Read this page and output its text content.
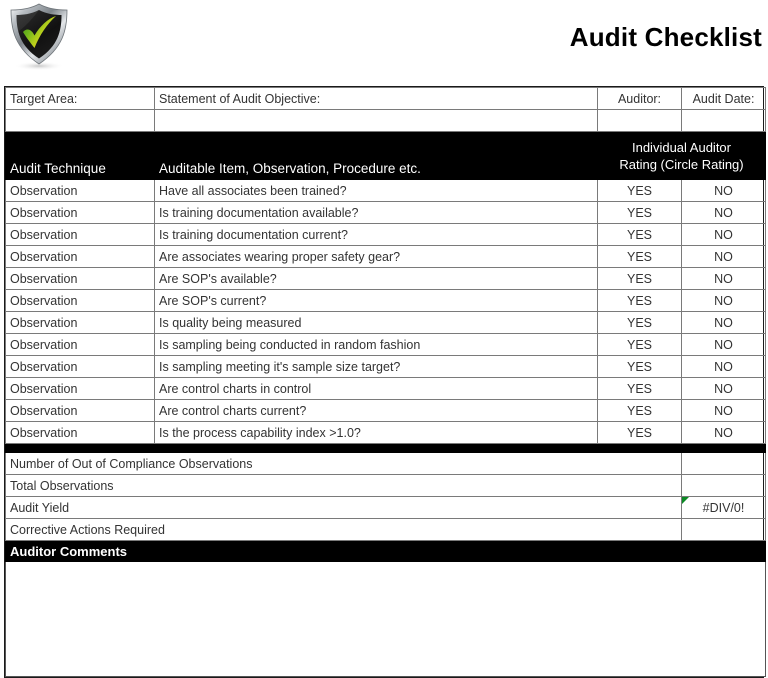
Audit Checklist
Target Area:	Statement of Audit Objective:	Auditor:	Audit Date:

Audit Technique	Auditable Item, Observation, Procedure etc.	Individual Auditor
Rating (Circle Rating)	
Observation	Have all associates been trained?	YES	NO
Observation	Is training documentation available?	YES	NO
Observation	Is training documentation current?	YES	NO
Observation	Are associates wearing proper safety gear?	YES	NO
Observation	Are SOP's available?	YES	NO
Observation	Are SOP's current?	YES	NO
Observation	Is quality being measured	YES	NO
Observation	Is sampling being conducted in random fashion	YES	NO
Observation	Is sampling meeting it's sample size target?	YES	NO
Observation	Are control charts in control	YES	NO
Observation	Are control charts current?	YES	NO
Observation	Is the process capability index >1.0?	YES	NO

Number of Out of Compliance Observations			
Total Observations			
Audit Yield			#DIV/0!
Corrective Actions Required			
Auditor Comments			
